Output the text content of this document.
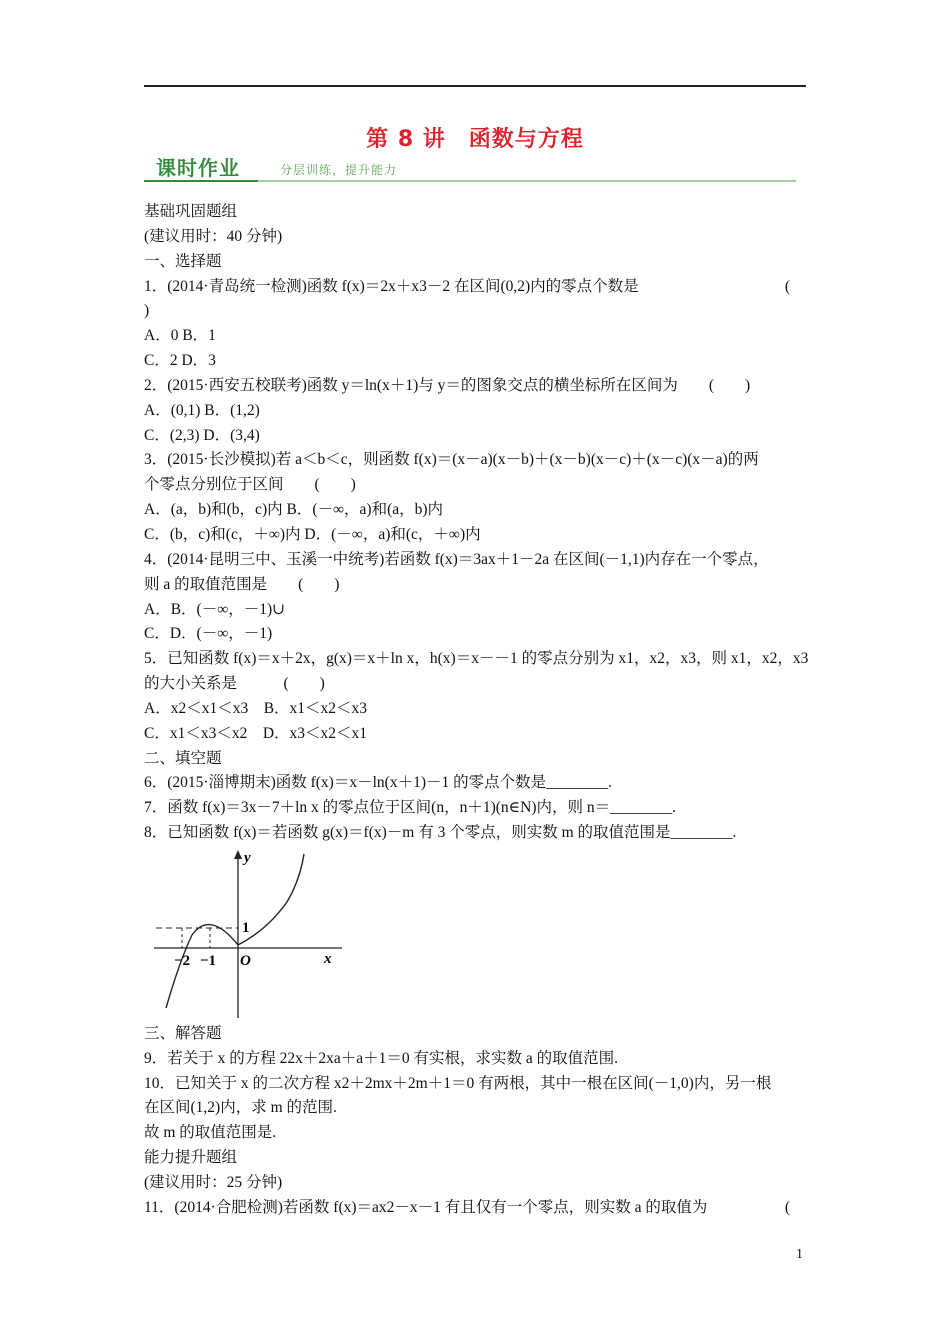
第 8 讲　函数与方程
课时作业	分层训练，提升能力
基础巩固题组
(建议用时：40 分钟)
一、选择题
1．(2014·青岛统一检测)函数 f(x)＝2x＋x3－2 在区间(0,2)内的零点个数是	(
)
A．0 B．1
C．2 D．3
2．(2015·西安五校联考)函数 y＝ln(x＋1)与 y＝的图象交点的横坐标所在区间为　　(　　)
A．(0,1) B．(1,2)
C．(2,3) D．(3,4)
3．(2015·长沙模拟)若 a＜b＜c，则函数 f(x)＝(x－a)(x－b)＋(x－b)(x－c)＋(x－c)(x－a)的两
个零点分别位于区间　　(　　)
A．(a，b)和(b，c)内 B．(－∞，a)和(a，b)内
C．(b，c)和(c，＋∞)内 D．(－∞，a)和(c，＋∞)内
4．(2014·昆明三中、玉溪一中统考)若函数 f(x)＝3ax＋1－2a 在区间(－1,1)内存在一个零点，
则 a 的取值范围是　　(　　)
A．B．(－∞，－1)∪
C．D．(－∞，－1)
5．已知函数 f(x)＝x＋2x，g(x)＝x＋ln x，h(x)＝x－－1 的零点分别为 x1，x2，x3，则 x1，x2，x3
的大小关系是　　　(　　)
A．x2＜x1＜x3　B．x1＜x2＜x3
C．x1＜x3＜x2　D．x3＜x2＜x1
二、填空题
6．(2015·淄博期末)函数 f(x)＝x－ln(x＋1)－1 的零点个数是________.
7．函数 f(x)＝3x－7＋ln x 的零点位于区间(n，n＋1)(n∈N)内，则 n＝________.
8．已知函数 f(x)＝若函数 g(x)＝f(x)－m 有 3 个零点，则实数 m 的取值范围是________.
y
x
O
1
−2 −1
三、解答题
9．若关于 x 的方程 22x＋2xa＋a＋1＝0 有实根，求实数 a 的取值范围.
10．已知关于 x 的二次方程 x2＋2mx＋2m＋1＝0 有两根，其中一根在区间(－1,0)内，另一根
在区间(1,2)内，求 m 的范围.
故 m 的取值范围是.
能力提升题组
(建议用时：25 分钟)
11．(2014·合肥检测)若函数 f(x)＝ax2－x－1 有且仅有一个零点，则实数 a 的取值为	(
1
